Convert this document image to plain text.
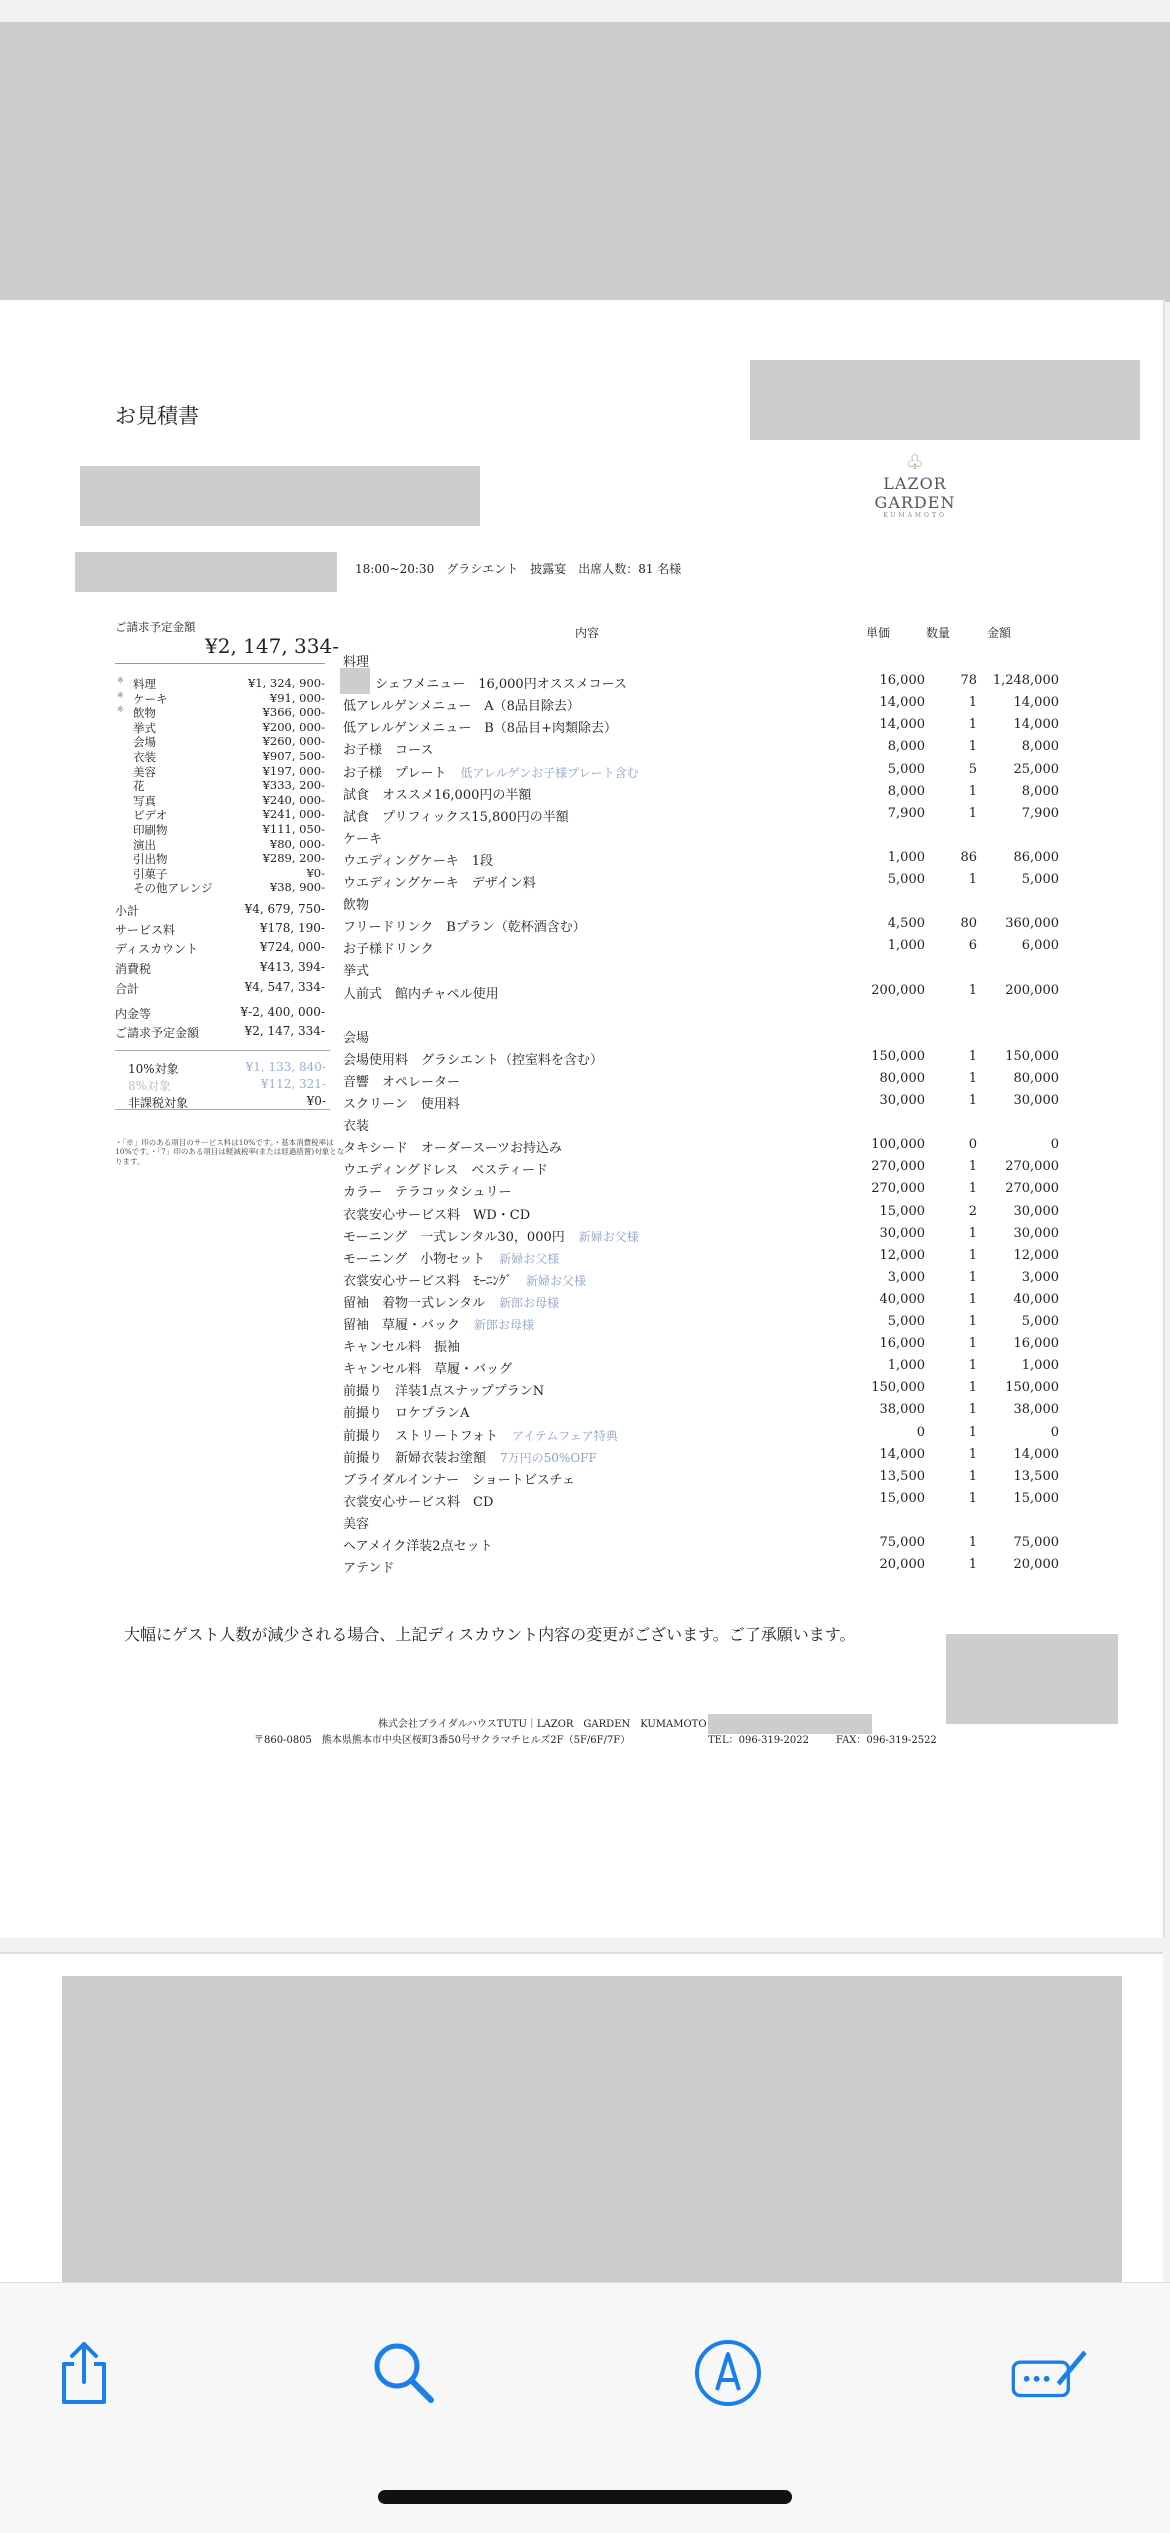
お見積書
♧
LAZOR GARDEN
KUMAMOTO
18:00~20:30　グラシエント　披露宴　出席人数：81 名様
ご請求予定金額
¥2, 147, 334-
※ 料理	¥1, 324, 900-
※ ケーキ	¥91, 000-
※ 飲物	¥366, 000-
挙式	¥200, 000-
会場	¥260, 000-
衣装	¥907, 500-
美容	¥197, 000-
花	¥333, 200-
写真	¥240, 000-
ビデオ	¥241, 000-
印刷物	¥111, 050-
演出	¥80, 000-
引出物	¥289, 200-
引菓子	¥0-
その他アレンジ	¥38, 900-
小計	¥4, 679, 750-
サービス料	¥178, 190-
ディスカウント	¥724, 000-
消費税	¥413, 394-
合計	¥4, 547, 334-
内金等	¥-2, 400, 000-
ご請求予定金額	¥2, 147, 334-
10%対象	¥1, 133, 840-
8%対象	¥112, 321-
非課税対象	¥0-
・「※」印のある項目のサービス料は10%です。・基本消費税率は10%です。・「7」印のある項目は軽減税率(または経過措置)対象となります。
内容	単価	数量	金額
料理
シェフメニュー　16,000円オススメコース	16,000	78 1,248,000
低アレルゲンメニュー　A（8品目除去）	14,000	1	14,000
低アレルゲンメニュー　B（8品目+肉類除去）	14,000	1	14,000
お子様　コース	8,000	1	8,000
お子様　プレート 低アレルゲンお子様プレート含む	5,000	5	25,000
試食　オススメ16,000円の半額	8,000	1	8,000
試食　プリフィックス15,800円の半額	7,900	1	7,900
ケーキ
ウエディングケーキ　1段	1,000	86	86,000
ウエディングケーキ　デザイン料	5,000	1	5,000
飲物
フリードリンク　Bプラン（乾杯酒含む）	4,500	80 360,000
お子様ドリンク	1,000	6	6,000
挙式
人前式　館内チャペル使用	200,000	1 200,000
会場
会場使用料　グラシエント（控室料を含む）	150,000	1 150,000
音響　オペレーター	80,000	1	80,000
スクリーン　使用料	30,000	1	30,000
衣装
タキシード　オーダースーツお持込み	100,000	0	0
ウエディングドレス　ベスティード	270,000	1 270,000
カラー　テラコッタシュリー	270,000	1 270,000
衣裳安心サービス料　WD・CD	15,000	2	30,000
モーニング　一式レンタル30，000円 新婦お父様	30,000	1	30,000
モーニング　小物セット 新婦お父様	12,000	1	12,000
衣裳安心サービス料　ﾓｰﾆﾝｸﾞ 新婦お父様	3,000	1	3,000
留袖　着物一式レンタル 新郎お母様	40,000	1	40,000
留袖　草履・バック 新郎お母様	5,000	1	5,000
キャンセル料　振袖	16,000	1	16,000
キャンセル料　草履・バッグ	1,000	1	1,000
前撮り　洋装1点スナッププランN	150,000	1 150,000
前撮り　ロケプランA	38,000	1	38,000
前撮り　ストリートフォト アイテムフェア特典	0	1	0
前撮り　新婦衣装お塗額 7万円の50%OFF	14,000	1	14,000
ブライダルインナー　ショートビスチェ	13,500	1	13,500
衣裳安心サービス料　CD	15,000	1	15,000
美容
ヘアメイク洋装2点セット	75,000	1	75,000
アテンド	20,000	1	20,000
大幅にゲスト人数が減少される場合、上記ディスカウント内容の変更がございます。ご了承願います。
株式会社ブライダルハウスTUTU｜LAZOR　GARDEN　KUMAMOTO
〒860-0805　熊本県熊本市中央区桜町3番50号サクラマチヒルズ2F（5F/6F/7F）	TEL：096-319-2022	FAX：096-319-2522
